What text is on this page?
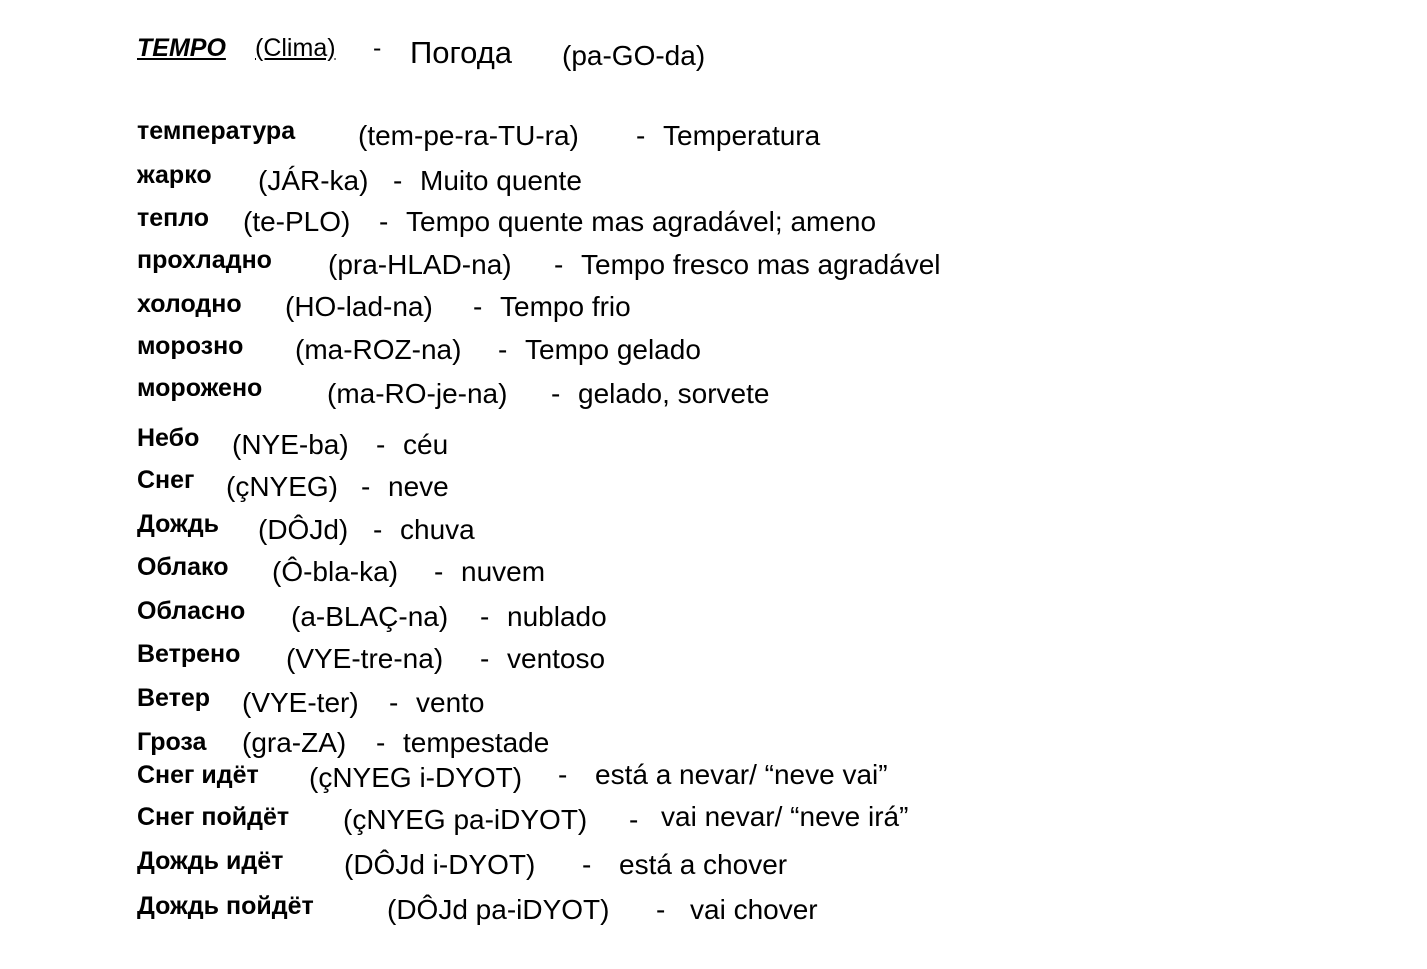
TEMPO (Clima) - Погода (pa-GO-da)
температура (tem-pe-ra-TU-ra) - Temperatura
жарко (JÁR-ka) - Muito quente
тепло (te-PLO) - Tempo quente mas agradável; ameno
прохладно (pra-HLAD-na) - Tempo fresco mas agradável
холодно (HO-lad-na) - Tempo frio
морозно (ma-ROZ-na) - Tempo gelado
морожено (ma-RO-je-na) - gelado, sorvete
Небо (NYE-ba) - céu
Снег (çNYEG) - neve
Дождь (DÔJd) - chuva
Облако (Ô-bla-ka) - nuvem
Обласно (a-BLAÇ-na) - nublado
Ветрено (VYE-tre-na) - ventoso
Ветер (VYE-ter) - vento
Гроза (gra-ZA) - tempestade
Снег идёт (çNYEG i-DYOT) - está a nevar/ “neve vai”
Снег пойдёт (çNYEG pa-iDYOT) - vai nevar/ “neve irá”
Дождь идёт (DÔJd i-DYOT) - está a chover
Дождь пойдёт	(DÔJd pa-iDYOT) - vai chover
